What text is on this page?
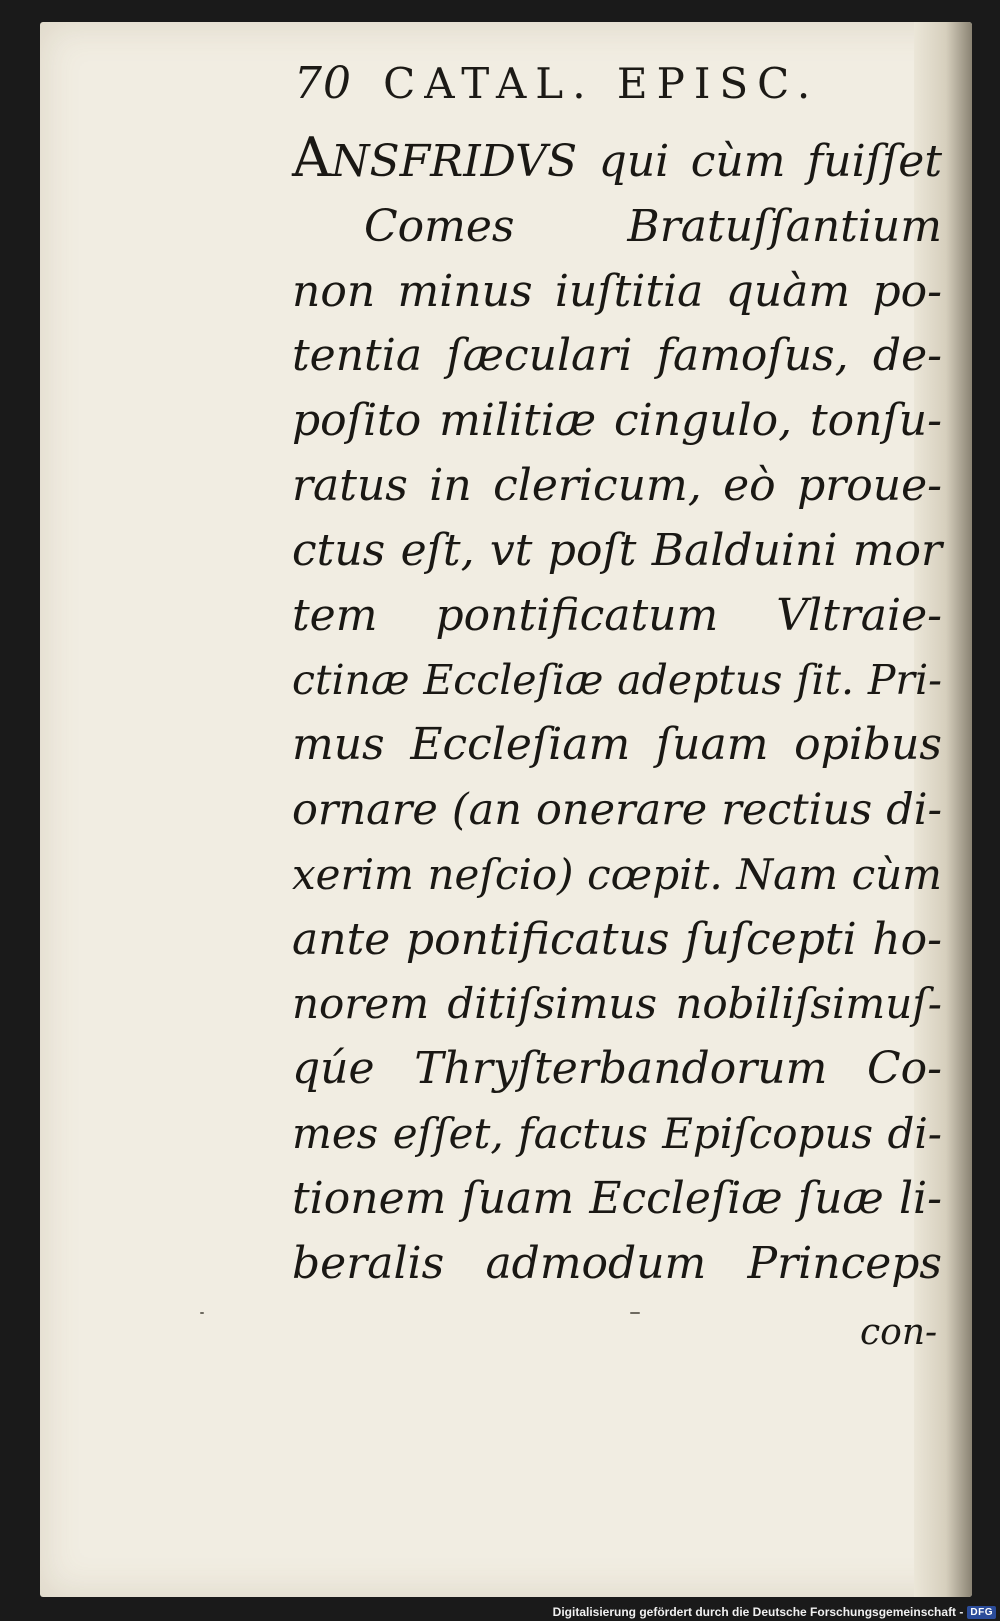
70 CATAL. EPISC.
ANSFRIDVS qui cùm fuiſſet
Comes Bratuſſantium
non minus iuſtitia quàm po-
tentia ſæculari famoſus, de-
poſito militiæ cingulo, tonſu-
ratus in clericum, eò proue-
ctus eſt, vt poſt Balduini mor
tem pontificatum Vltraie-
ctinæ Eccleſiæ adeptus ſit. Pri-
mus Eccleſiam ſuam opibus
ornare (an onerare rectius di-
xerim neſcio) cœpit. Nam cùm
ante pontificatus ſuſcepti ho-
norem ditiſsimus nobiliſsimuſ-
qúe Thryſterbandorum Co-
mes eſſet, factus Epiſcopus di-
tionem ſuam Eccleſiæ ſuæ li-
beralis admodum Princeps
con-
Digitalisierung gefördert durch die Deutsche Forschungsgemeinschaft - DFG
